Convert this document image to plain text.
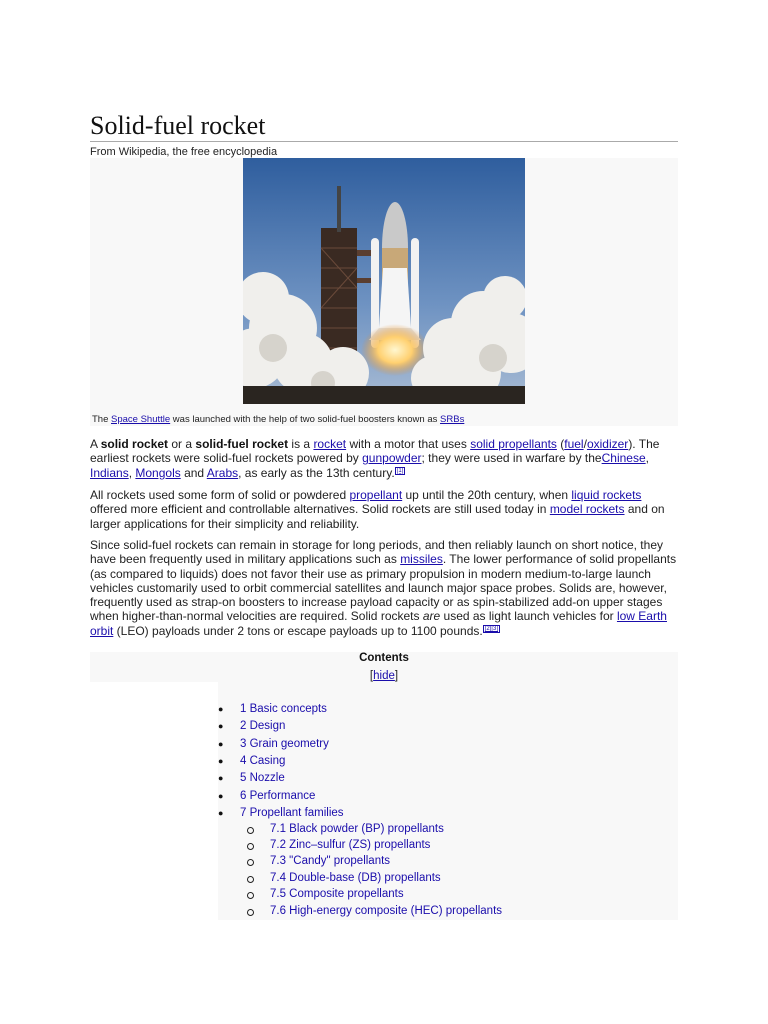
Solid-fuel rocket
From Wikipedia, the free encyclopedia
The Space Shuttle was launched with the help of two solid-fuel boosters known as SRBs

A solid rocket or a solid-fuel rocket is a rocket with a motor that uses solid propellants (fuel/oxidizer). The earliest rockets were solid-fuel rockets powered by gunpowder; they were used in warfare by theChinese, Indians, Mongols and Arabs, as early as the 13th century. [1]

All rockets used some form of solid or powdered propellant up until the 20th century, when liquid rockets offered more efficient and controllable alternatives. Solid rockets are still used today in model rockets and on larger applications for their simplicity and reliability.

Since solid-fuel rockets can remain in storage for long periods, and then reliably launch on short notice, they have been frequently used in military applications such as missiles. The lower performance of solid propellants (as compared to liquids) does not favor their use as primary propulsion in modern medium-to-large launch vehicles customarily used to orbit commercial satellites and launch major space probes. Solids are, however, frequently used as strap-on boosters to increase payload capacity or as spin-stabilized add-on upper stages when higher-than-normal velocities are required. Solid rockets are used as light launch vehicles for low Earth orbit (LEO) payloads under 2 tons or escape payloads up to 1100 pounds. [2][3]

Contents
[hide]
● 1 Basic concepts
● 2 Design
● 3 Grain geometry
● 4 Casing
● 5 Nozzle
● 6 Performance
● 7 Propellant families
7.1 Black powder (BP) propellants
7.2 Zinc–sulfur (ZS) propellants
7.3 "Candy" propellants
7.4 Double-base (DB) propellants
7.5 Composite propellants
7.6 High-energy composite (HEC) propellants
